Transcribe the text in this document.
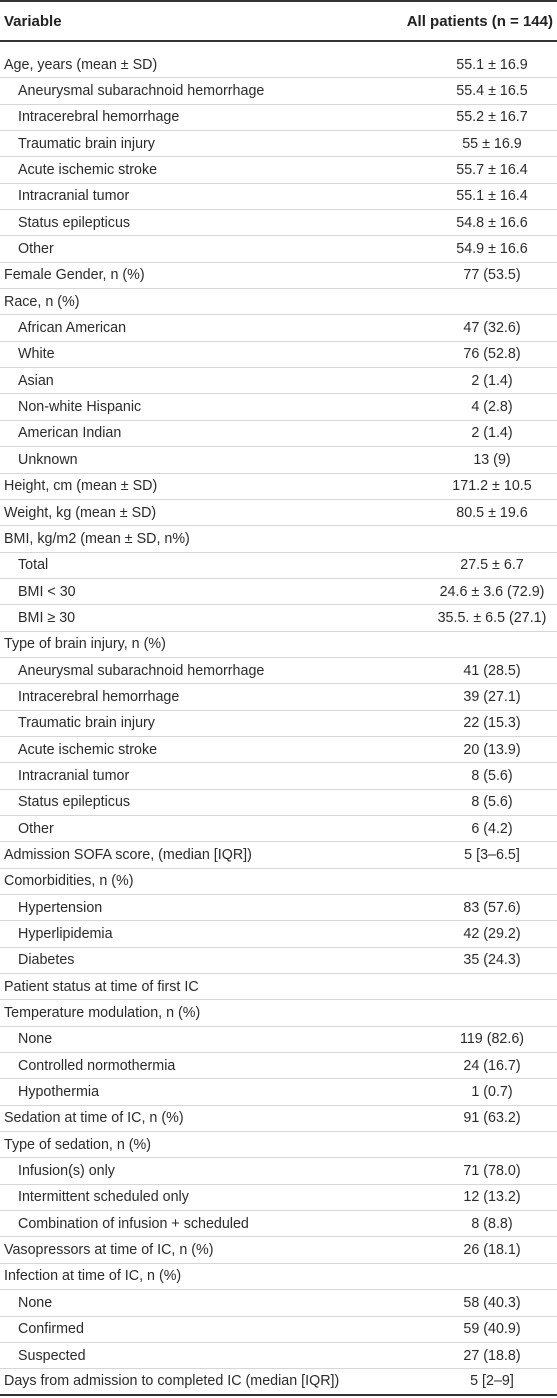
Variable	All patients (n = 144)
Age, years (mean ± SD)	55.1 ± 16.9
Aneurysmal subarachnoid hemorrhage	55.4 ± 16.5
Intracerebral hemorrhage	55.2 ± 16.7
Traumatic brain injury	55 ± 16.9
Acute ischemic stroke	55.7 ± 16.4
Intracranial tumor	55.1 ± 16.4
Status epilepticus	54.8 ± 16.6
Other	54.9 ± 16.6
Female Gender, n (%)	77 (53.5)
Race, n (%)
African American	47 (32.6)
White	76 (52.8)
Asian	2 (1.4)
Non-white Hispanic	4 (2.8)
American Indian	2 (1.4)
Unknown	13 (9)
Height, cm (mean ± SD)	171.2 ± 10.5
Weight, kg (mean ± SD)	80.5 ± 19.6
BMI, kg/m2 (mean ± SD, n%)
Total	27.5 ± 6.7
BMI < 30	24.6 ± 3.6 (72.9)
BMI ≥ 30	35.5. ± 6.5 (27.1)
Type of brain injury, n (%)
Aneurysmal subarachnoid hemorrhage	41 (28.5)
Intracerebral hemorrhage	39 (27.1)
Traumatic brain injury	22 (15.3)
Acute ischemic stroke	20 (13.9)
Intracranial tumor	8 (5.6)
Status epilepticus	8 (5.6)
Other	6 (4.2)
Admission SOFA score, (median [IQR])	5 [3–6.5]
Comorbidities, n (%)
Hypertension	83 (57.6)
Hyperlipidemia	42 (29.2)
Diabetes	35 (24.3)
Patient status at time of first IC
Temperature modulation, n (%)
None	119 (82.6)
Controlled normothermia	24 (16.7)
Hypothermia	1 (0.7)
Sedation at time of IC, n (%)	91 (63.2)
Type of sedation, n (%)
Infusion(s) only	71 (78.0)
Intermittent scheduled only	12 (13.2)
Combination of infusion + scheduled	8 (8.8)
Vasopressors at time of IC, n (%)	26 (18.1)
Infection at time of IC, n (%)
None	58 (40.3)
Confirmed	59 (40.9)
Suspected	27 (18.8)
Days from admission to completed IC (median [IQR])	5 [2–9]
